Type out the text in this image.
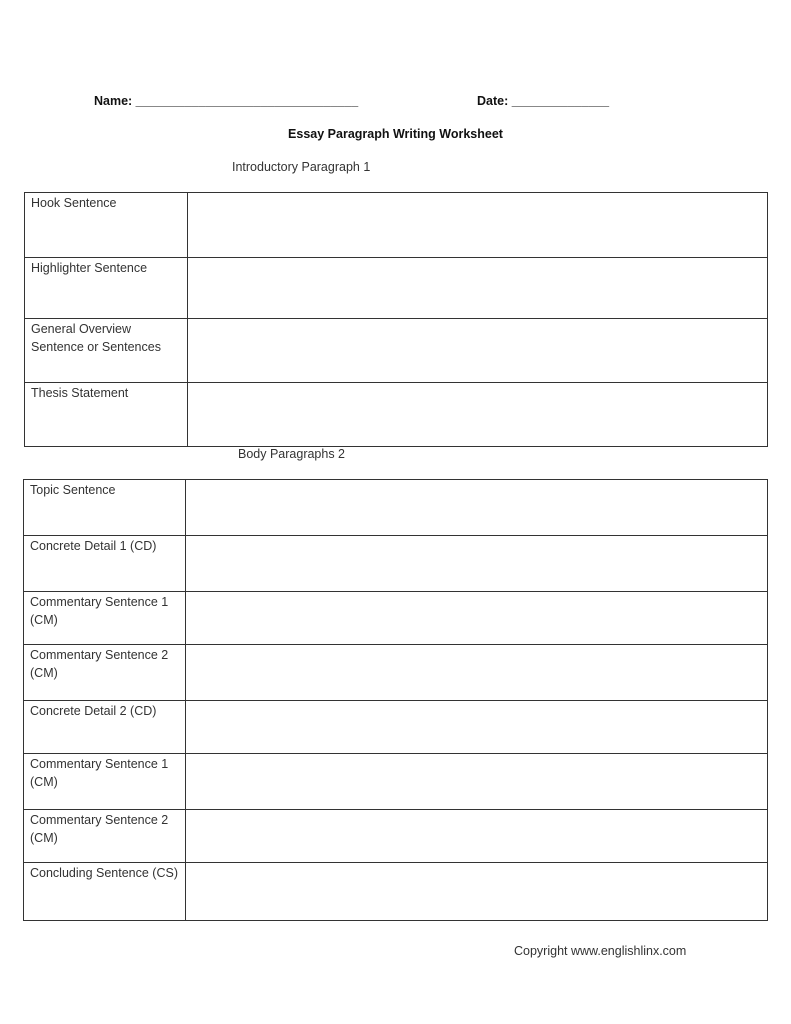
Name: ________________________________	Date: ______________
Essay Paragraph Writing Worksheet
Introductory Paragraph 1
Hook Sentence	
Highlighter Sentence	
General Overview Sentence or Sentences	
Thesis Statement	
Body Paragraphs 2
Topic Sentence	
Concrete Detail 1 (CD)	
Commentary Sentence 1 (CM)	
Commentary Sentence 2 (CM)	
Concrete Detail 2 (CD)	
Commentary Sentence 1 (CM)	
Commentary Sentence 2 (CM)	
Concluding Sentence (CS)	
Copyright www.englishlinx.com
